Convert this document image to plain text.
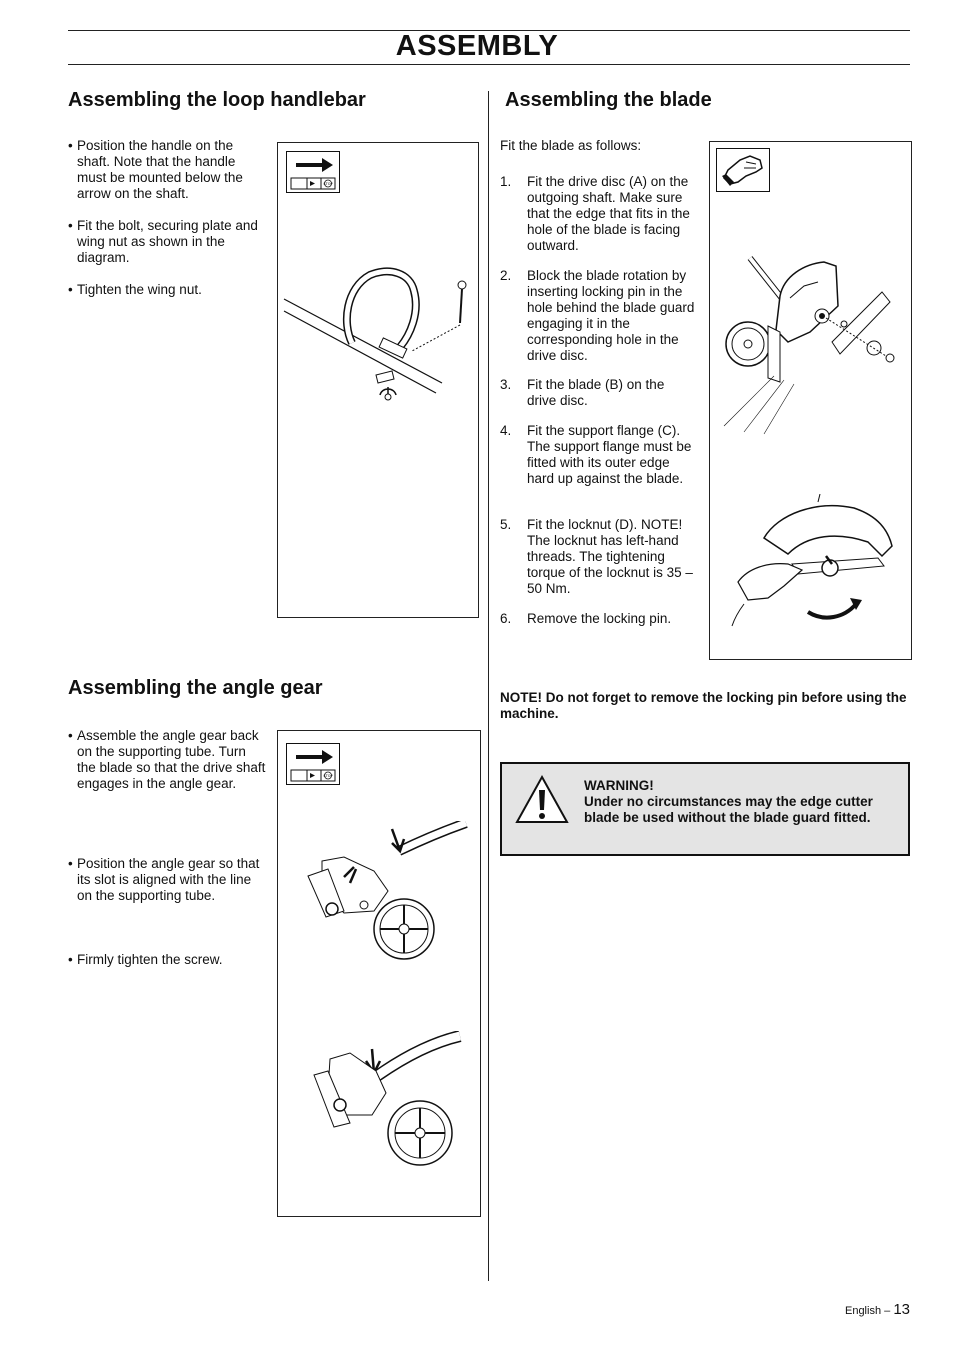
ASSEMBLY
Assembling the loop handlebar
• Position the handle on the shaft. Note that the handle must be mounted below the arrow on the shaft.
• Fit the bolt, securing plate and wing nut as shown in the diagram.
• Tighten the wing nut.
STOP
Assembling the angle gear
• Assemble the angle gear back on the supporting tube. Turn the blade so that the drive shaft engages in the angle gear.
• Position the angle gear so that its slot is aligned with the line on the supporting tube.
• Firmly tighten the screw.
STOP
Assembling the blade
Fit the blade as follows:
1. Fit the drive disc (A) on the outgoing shaft. Make sure that the edge that fits in the hole of the blade is facing outward.
2. Block the blade rotation by inserting locking pin in the hole behind the blade guard engaging it in the corresponding hole in the drive disc.
3. Fit the blade (B) on the drive disc.
4. Fit the support flange (C). The support flange must be fitted with its outer edge hard up against the blade.
5. Fit the locknut (D). NOTE! The locknut has left-hand threads. The tightening torque of the locknut is 35 – 50 Nm.
6. Remove the locking pin.
NOTE! Do not forget to remove the locking pin before using the machine.
WARNING!
Under no circumstances may the edge cutter blade be used without the blade guard fitted.
English – 13
